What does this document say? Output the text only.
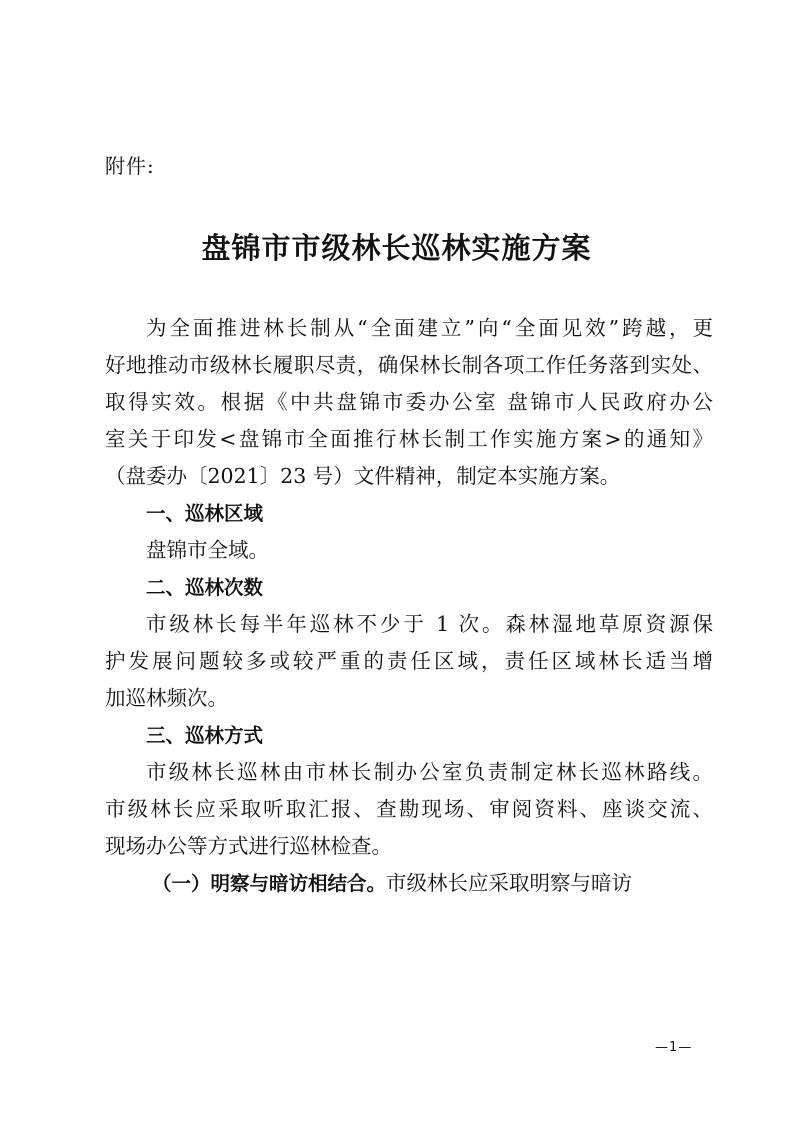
附件:
盘锦市市级林长巡林实施方案
为全面推进林长制从“全面建立”向“全面见效”跨越，更
好地推动市级林长履职尽责，确保林长制各项工作任务落到实处、
取得实效。根据《中共盘锦市委办公室 盘锦市人民政府办公
室关于印发<盘锦市全面推行林长制工作实施方案>的通知》
（盘委办〔2021〕23 号）文件精神，制定本实施方案。
一、巡林区域
盘锦市全域。
二、巡林次数
市级林长每半年巡林不少于 1 次。森林湿地草原资源保
护发展问题较多或较严重的责任区域，责任区域林长适当增
加巡林频次。
三、巡林方式
市级林长巡林由市林长制办公室负责制定林长巡林路线。
市级林长应采取听取汇报、查勘现场、审阅资料、座谈交流、
现场办公等方式进行巡林检查。
（一）明察与暗访相结合。市级林长应采取明察与暗访
—1—
